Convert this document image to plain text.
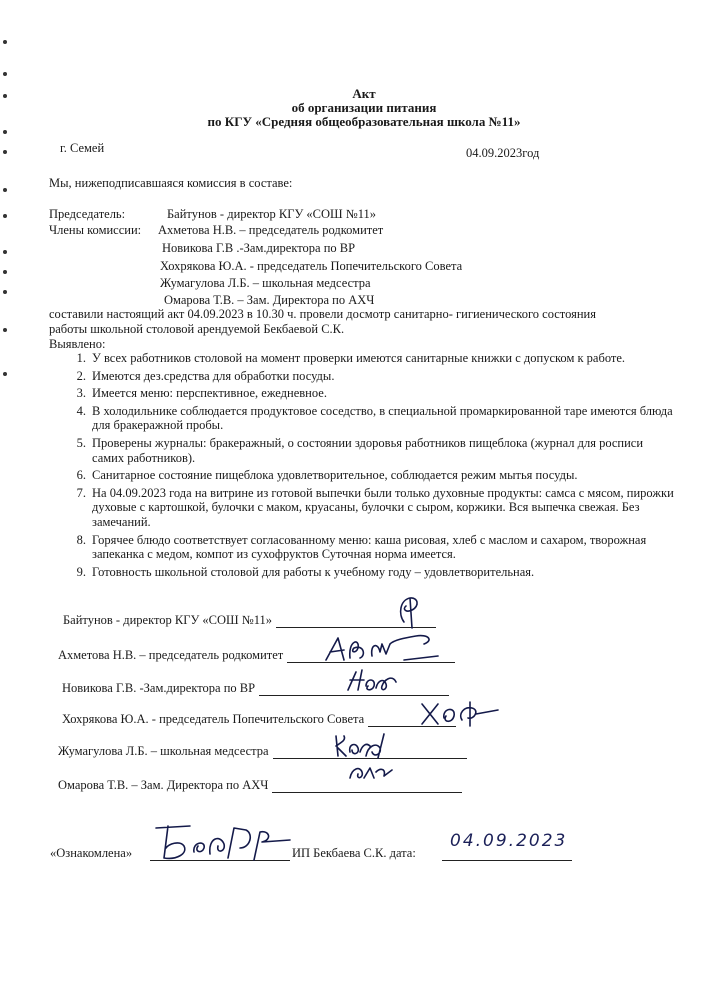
Акт
об организации питания
по КГУ «Средняя общеобразовательная школа №11»
г. Семей	04.09.2023год
Мы, нижеподписавшаяся комиссия в составе:
Председатель:	Байтунов - директор КГУ «СОШ №11»
Члены комиссии: Ахметова Н.В. – председатель родкомитет
Новикова Г.В .-Зам.директора по ВР
Хохрякова Ю.А. - председатель Попечительского Совета
Жумагулова Л.Б. – школьная медсестра
Омарова Т.В. – Зам. Директора по АХЧ
составили настоящий акт 04.09.2023 в 10.30 ч. провели досмотр санитарно- гигиенического состояния
работы школьной столовой арендуемой Бекбаевой С.К.
Выявлено:
1. У всех работников столовой на момент проверки имеются санитарные книжки с допуском к работе.
2. Имеются дез.средства для обработки посуды.
3. Имеется меню: перспективное, ежедневное.
4. В холодильнике соблюдается продуктовое соседство, в специальной промаркированной таре имеются блюда для бракеражной пробы.
5. Проверены журналы: бракеражный, о состоянии здоровья работников пищеблока (журнал для росписи самих работников).
6. Санитарное состояние пищеблока удовлетворительное, соблюдается режим мытья посуды.
7. На 04.09.2023 года на витрине из готовой выпечки были только духовные продукты: самса с мясом, пирожки духовые с картошкой, булочки с маком, круасаны, булочки с сыром, коржики. Вся выпечка свежая. Без замечаний.
8. Горячее блюдо соответствует согласованному меню: каша рисовая, хлеб с маслом и сахаром, творожная запеканка с медом, компот из сухофруктов Суточная норма имеется.
9. Готовность школьной столовой для работы к учебному году – удовлетворительная.
Байтунов - директор КГУ «СОШ №11»
Ахметова Н.В. – председатель родкомитет
Новикова Г.В. -Зам.директора по ВР
Хохрякова Ю.А. - председатель Попечительского Совета
Жумагулова Л.Б. – школьная медсестра
Омарова Т.В. – Зам. Директора по АХЧ
«Ознакомлена»	ИП Бекбаева С.К. дата:
04.09.2023
